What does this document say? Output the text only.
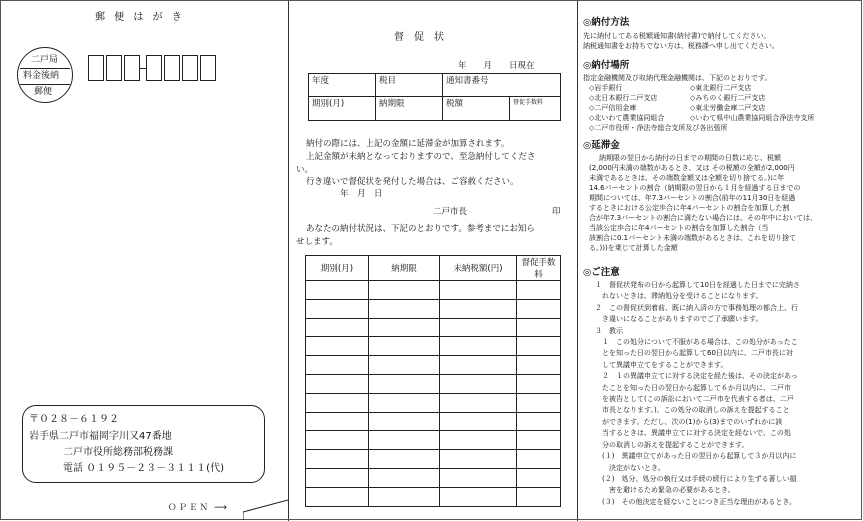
郵 便 は が き
二戸局
料金後納
郵便
〒０２８－６１９２
岩手県二戸市福岡字川又47番地
二戸市役所総務部税務課
電話 ０１９５－２３－３１１１(代)
ＯＰＥＮ ⟶
督　促　状
年　　月　　日現在
年度	税目	通知書番号	
期別(月)	納期限	税額	督促手数料
納付の際には、上記の金額に延滞金が加算されます。
上記金額が未納となっておりますので、至急納付してくださ
い。
行き違いで督促状を発付した場合は、ご容赦ください。
年　月　日
二戸市長	印
あなたの納付状況は、下記のとおりです。参考までにお知ら
せします。
期別(月)	納期限	未納税額(円)	督促手数料

◎納付方法
先に納付してある税額通知書(納付書)で納付してください。
納税通知書をお持ちでない方は、税務課へ申し出てください。
◎納付場所
指定金融機関及び収納代理金融機関は、下記のとおりです。
◇岩手銀行	◇東北銀行二戸支店
◇北日本銀行二戸支店	◇みちのく銀行二戸支店
◇二戸信用金庫	◇東北労働金庫二戸支店
◇北いわて農業協同組合	◇いわて県中山農業協同組合浄法寺支所
◇二戸市役所・浄法寺総合支所及び各出張所
◎延滞金
納期限の翌日から納付の日までの期間の日数に応じ、税額
(2,000円未満の端数があるとき、又は その税額の全額が2,000円
未満であるときは、その端数金額又は全額を切り捨てる。)に年
14.6パーセントの割合（納期限の翌日から１月を経過する日までの
期間については、年7.3パーセントの割合(前年の11月30日を経過
するときにおける公定歩合に年4パーセントの割合を加算した割
合が年7.3パーセントの割合に満たない場合には、その年中においては、
当該公定歩合に年4パーセントの割合を加算した割合（当
該割合に0.1パーセント未満の端数があるときは、これを切り捨て
る。)))を乗じて計算した金額
◎ご注意
１　督促状発布の日から起算して10日を経過した日までに完納さ
　れないときは、滞納処分を受けることになります。
２　この督促状到着前、既に納入済の方で事務処理の都合上、行
　き違いになることがありますのでご了承願います。
３　教示
　１　この処分について不服がある場合は、この処分があったこ
　とを知った日の翌日から起算して60日以内に、二戸市長に対
　して異議申立てをすることができます。
　２　１の異議申立てに対する決定を経た後は、その決定があっ
　たことを知った日の翌日から起算して６か月以内に、二戸市
　を被告として(この訴訟において二戸市を代表する者は、二戸
　市長となります。)、この処分の取消しの訴えを提起すること
　ができます。ただし、次の(1)から(3)までのいずれかに該
　当するときは、異議申立てに対する決定を経ないで、この処
　分の取消しの訴えを提起することができます。
　(１)　異議申立てがあった日の翌日から起算して３か月以内に
　　決定がないとき。
　(２)　処分、処分の執行又は手続の続行により生ずる著しい損
　　害を避けるため緊急の必要があるとき。
　(３)　その他決定を経ないことにつき正当な理由があるとき。
